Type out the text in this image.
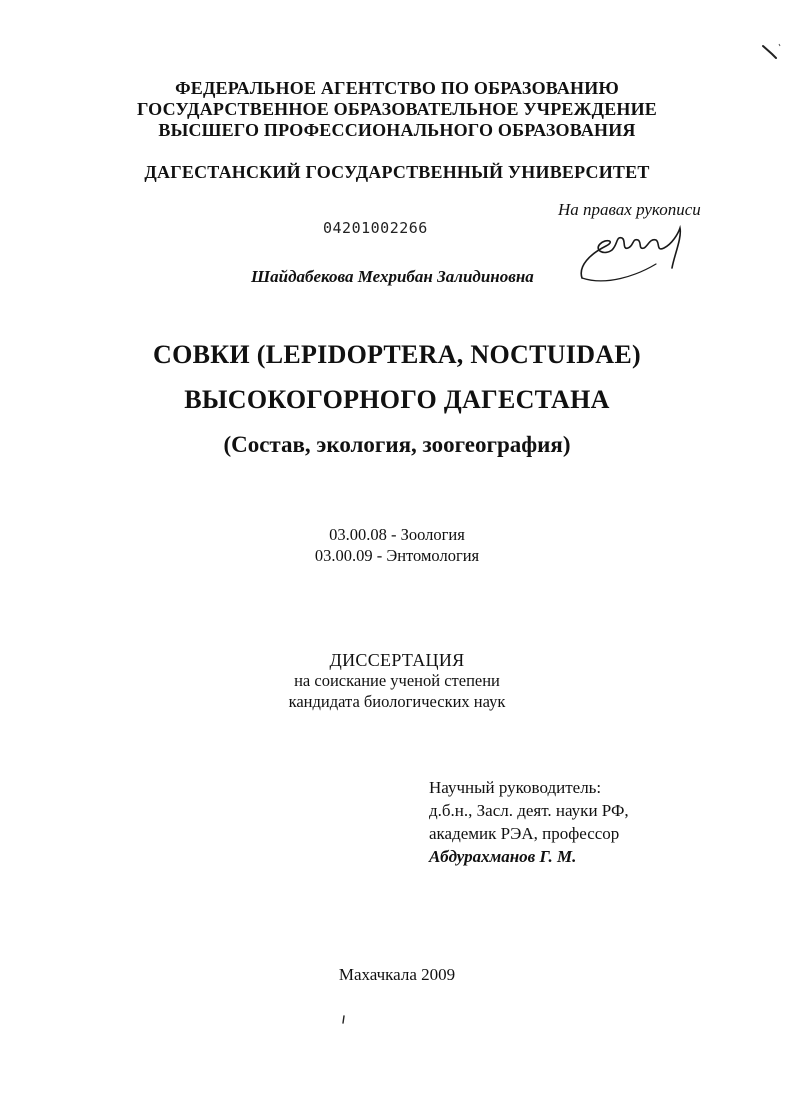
ФЕДЕРАЛЬНОЕ АГЕНТСТВО ПО ОБРАЗОВАНИЮ
ГОСУДАРСТВЕННОЕ ОБРАЗОВАТЕЛЬНОЕ УЧРЕЖДЕНИЕ
ВЫСШЕГО ПРОФЕССИОНАЛЬНОГО ОБРАЗОВАНИЯ
ДАГЕСТАНСКИЙ ГОСУДАРСТВЕННЫЙ УНИВЕРСИТЕТ
На правах рукописи
04201002266
Шайдабекова Мехрибан Залидиновна
СОВКИ (LEPIDOPTERA, NOCTUIDAE)
ВЫСОКОГОРНОГО ДАГЕСТАНА
(Состав, экология, зоогеография)
03.00.08 - Зоология
03.00.09 - Энтомология
ДИССЕРТАЦИЯ
на соискание ученой степени
кандидата биологических наук
Научный руководитель:
д.б.н., Засл. деят. науки РФ,
академик РЭА, профессор
Абдурахманов Г. М.
Махачкала 2009
